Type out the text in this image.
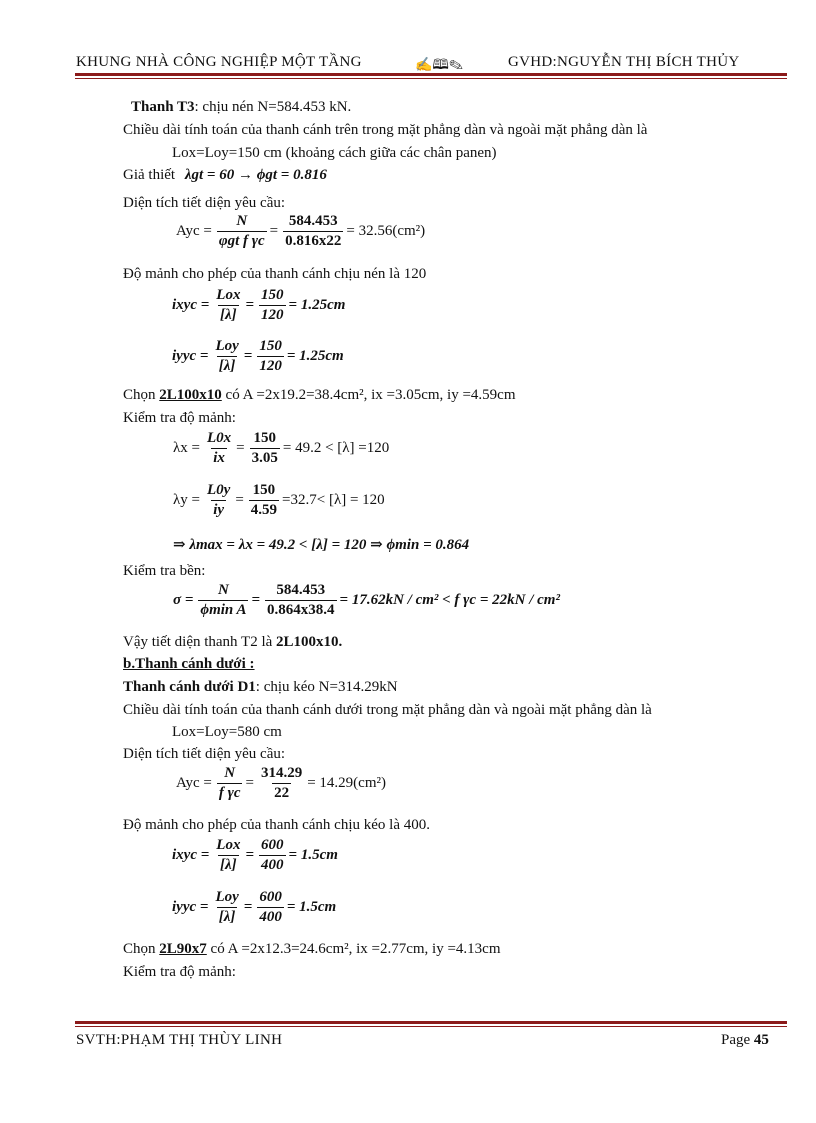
KHUNG NHÀ CÔNG NGHIỆP MỘT TẦNG	✍🕮✎	GVHD:NGUYỄN THỊ BÍCH THỦY
Thanh T3: chịu nén N=584.453 kN.
Chiều dài tính toán của thanh cánh trên trong mặt phẳng dàn và ngoài mặt phẳng dàn là
Lox=Loy=150 cm (khoảng cách giữa các chân panen)
Giả thiết λgt = 60 → ϕgt = 0.816
Diện tích tiết diện yêu cầu:
Ayc = $\frac{N}{\text{φgt f γc}} = \frac{584.453}{0.816x22} = 32.56(cm^2)$
Độ mảnh cho phép của thanh cánh chịu nén là 120
ixyc = $\frac{\text{Lox}}{[\lambda]} = \frac{150}{120} = 1.25cm$
iyyc = $\frac{\text{Loy}}{[\lambda]} = \frac{150}{120} = 1.25cm$
Chọn 2L100x10 có A =2x19.2=38.4cm², ix =3.05cm, iy =4.59cm
Kiểm tra độ mảnh:
$\lambda x = \frac{L0x}{ix} = \frac{150}{3.05} = 49.2 < [\lambda] =120$
$\lambda y = \frac{L0y}{iy} = \frac{150}{4.59} =32.7< [\lambda] = 120$
⇒ λmax = λx = 49.2 < [λ] = 120 ⇒ ϕmin = 0.864
Kiểm tra bền:
$\sigma = \frac{N}{\text{ϕmin A}} = \frac{584.453}{0.864x38.4} = 17.62kN / cm^2 < f$ γc = 22kN / cm²
Vậy tiết diện thanh T2 là 2L100x10.
b.Thanh cánh dưới :
Thanh cánh dưới D1: chịu kéo N=314.29kN
Chiều dài tính toán của thanh cánh dưới trong mặt phẳng dàn và ngoài mặt phẳng dàn là
Lox=Loy=580 cm
Diện tích tiết diện yêu cầu:
Ayc = $\frac{N}{\text{f γc}} = \frac{314.29}{22} = 14.29(cm^2)$
Độ mảnh cho phép của thanh cánh chịu kéo là 400.
ixyc = $\frac{\text{Lox}}{[\lambda]} = \frac{600}{400} = 1.5cm$
iyyc = $\frac{\text{Loy}}{[\lambda]} = \frac{600}{400} = 1.5cm$
Chọn 2L90x7 có A =2x12.3=24.6cm², ix =2.77cm, iy =4.13cm
Kiểm tra độ mảnh:
SVTH:PHẠM THỊ THÙY LINH	Page 45
